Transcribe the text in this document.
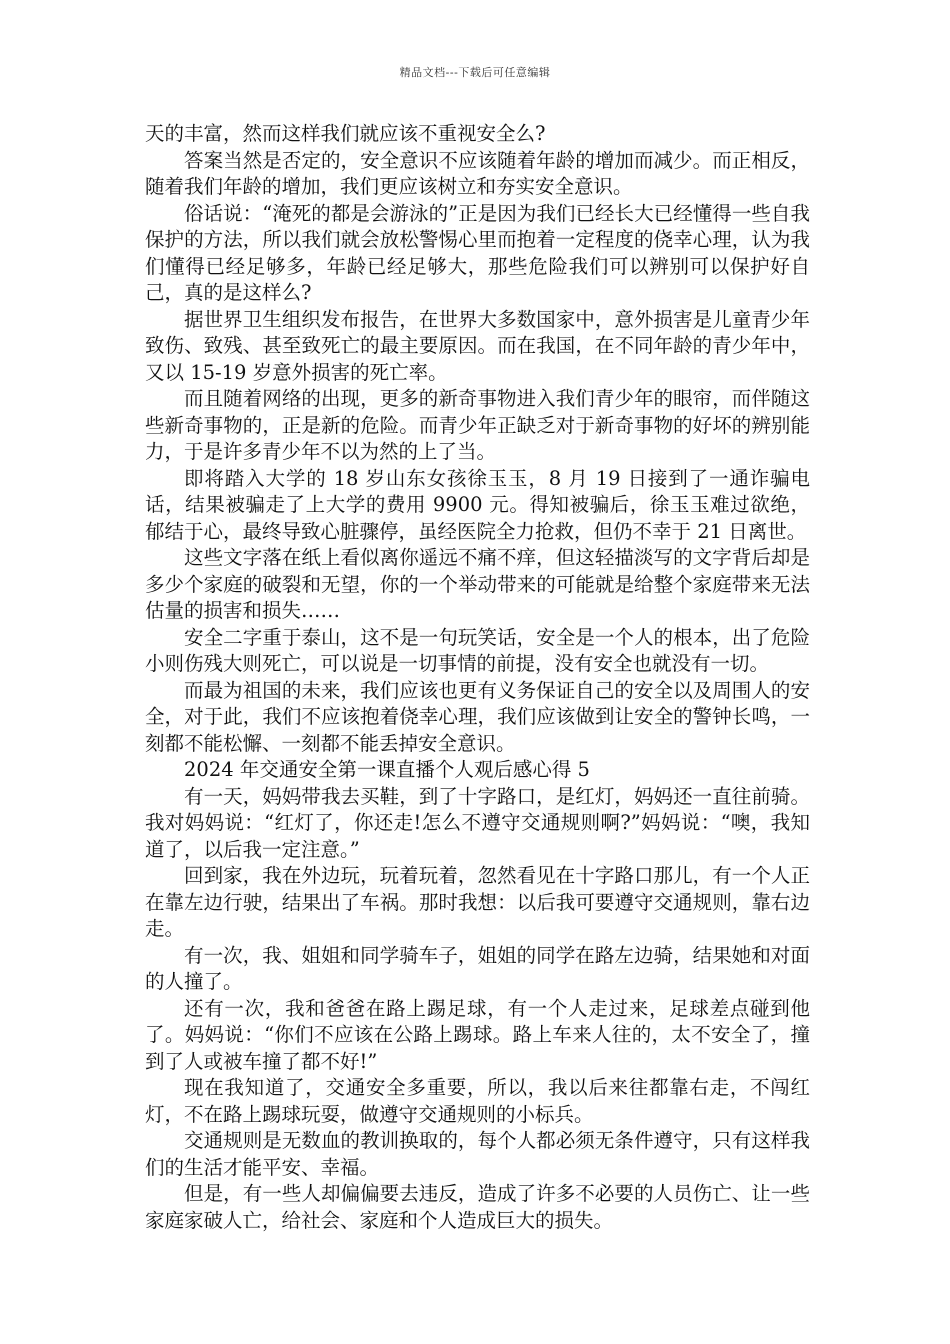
精品文档---下载后可任意编辑

天的丰富，然而这样我们就应该不重视安全么?

答案当然是否定的，安全意识不应该随着年龄的增加而减少。而正相反，随着我们年龄的增加，我们更应该树立和夯实安全意识。

俗话说：“淹死的都是会游泳的”正是因为我们已经长大已经懂得一些自我保护的方法，所以我们就会放松警惕心里而抱着一定程度的侥幸心理，认为我们懂得已经足够多，年龄已经足够大，那些危险我们可以辨别可以保护好自己，真的是这样么?

据世界卫生组织发布报告，在世界大多数国家中，意外损害是儿童青少年致伤、致残、甚至致死亡的最主要原因。而在我国，在不同年龄的青少年中，又以 15-19 岁意外损害的死亡率。

而且随着网络的出现，更多的新奇事物进入我们青少年的眼帘，而伴随这些新奇事物的，正是新的危险。而青少年正缺乏对于新奇事物的好坏的辨别能力，于是许多青少年不以为然的上了当。

即将踏入大学的 18 岁山东女孩徐玉玉，8 月 19 日接到了一通诈骗电话，结果被骗走了上大学的费用 9900 元。得知被骗后，徐玉玉难过欲绝，郁结于心，最终导致心脏骤停，虽经医院全力抢救，但仍不幸于 21 日离世。

这些文字落在纸上看似离你遥远不痛不痒，但这轻描淡写的文字背后却是多少个家庭的破裂和无望，你的一个举动带来的可能就是给整个家庭带来无法估量的损害和损失……

安全二字重于泰山，这不是一句玩笑话，安全是一个人的根本，出了危险小则伤残大则死亡，可以说是一切事情的前提，没有安全也就没有一切。

而最为祖国的未来，我们应该也更有义务保证自己的安全以及周围人的安全，对于此，我们不应该抱着侥幸心理，我们应该做到让安全的警钟长鸣，一刻都不能松懈、一刻都不能丢掉安全意识。

2024 年交通安全第一课直播个人观后感心得 5

有一天，妈妈带我去买鞋，到了十字路口，是红灯，妈妈还一直往前骑。我对妈妈说：“红灯了，你还走!怎么不遵守交通规则啊?”妈妈说：“噢，我知道了，以后我一定注意。”

回到家，我在外边玩，玩着玩着，忽然看见在十字路口那儿，有一个人正在靠左边行驶，结果出了车祸。那时我想：以后我可要遵守交通规则，靠右边走。

有一次，我、姐姐和同学骑车子，姐姐的同学在路左边骑，结果她和对面的人撞了。

还有一次，我和爸爸在路上踢足球，有一个人走过来，足球差点碰到他了。妈妈说：“你们不应该在公路上踢球。路上车来人往的，太不安全了，撞到了人或被车撞了都不好!”

现在我知道了，交通安全多重要，所以，我以后来往都靠右走，不闯红灯，不在路上踢球玩耍，做遵守交通规则的小标兵。

交通规则是无数血的教训换取的，每个人都必须无条件遵守，只有这样我们的生活才能平安、幸福。

但是，有一些人却偏偏要去违反，造成了许多不必要的人员伤亡、让一些家庭家破人亡，给社会、家庭和个人造成巨大的损失。
